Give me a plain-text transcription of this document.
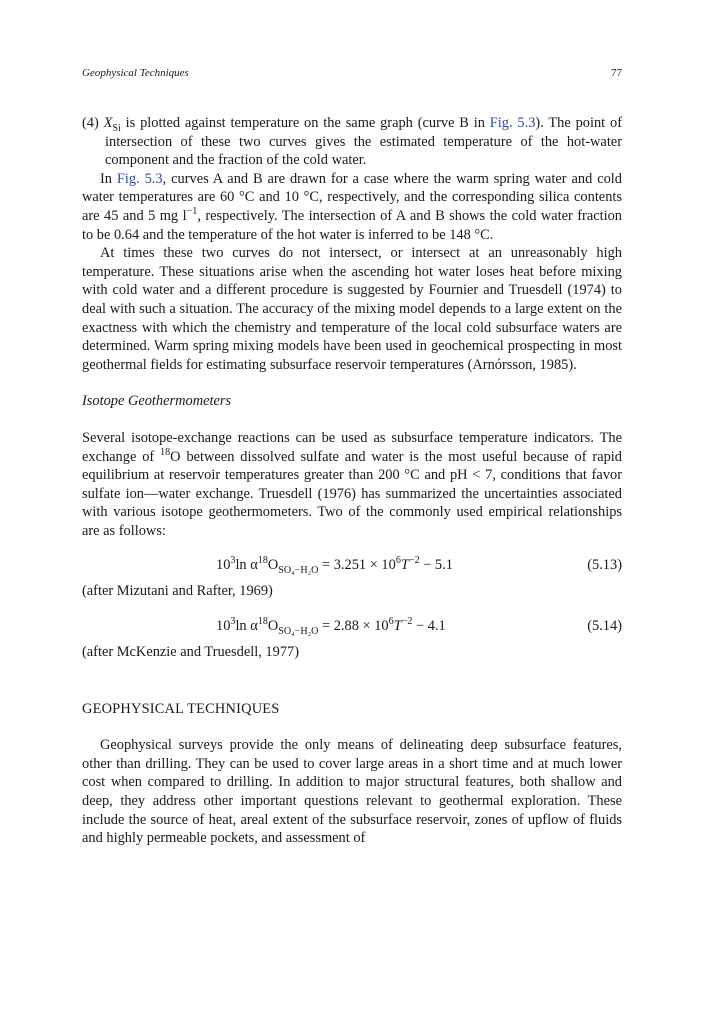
Geophysical Techniques	77

(4) $X_{Si}$ is plotted against temperature on the same graph (curve B in Fig. 5.3). The point of intersection of these two curves gives the estimated temperature of the hot-water component and the fraction of the cold water.

In Fig. 5.3, curves A and B are drawn for a case where the warm spring water and cold water temperatures are 60 °C and 10 °C, respectively, and the corresponding silica contents are 45 and 5 mg $l^{-1}$, respectively. The intersection of A and B shows the cold water fraction to be 0.64 and the temperature of the hot water is inferred to be 148 °C.

At times these two curves do not intersect, or intersect at an unreasonably high temperature. These situations arise when the ascending hot water loses heat before mixing with cold water and a different procedure is suggested by Fournier and Truesdell (1974) to deal with such a situation. The accuracy of the mixing model depends to a large extent on the exactness with which the chemistry and temperature of the local cold subsurface waters are determined. Warm spring mixing models have been used in geochemical prospecting in most geothermal fields for estimating subsurface reservoir temperatures (Arnórsson, 1985).

Isotope Geothermometers

Several isotope-exchange reactions can be used as subsurface temperature indicators. The exchange of $^{18}$O between dissolved sulfate and water is the most useful because of rapid equilibrium at reservoir temperatures greater than 200 °C and pH < 7, conditions that favor sulfate ion—water exchange. Truesdell (1976) has summarized the uncertainties associated with various isotope geothermometers. Two of the commonly used empirical relationships are as follows:

$10^3\ln$ $\alpha^{18}O_{SO_4-H_2O} = 3.251 \times 10^6T^{-2} - 5.1$	(5.13)

(after Mizutani and Rafter, 1969)

$10^3\ln$ $\alpha^{18}O_{SO_4-H_2O} = 2.88 \times 10^6T^{-2} - 4.1$	(5.14)

(after McKenzie and Truesdell, 1977)

GEOPHYSICAL TECHNIQUES

Geophysical surveys provide the only means of delineating deep subsurface features, other than drilling. They can be used to cover large areas in a short time and at much lower cost when compared to drilling. In addition to major structural features, both shallow and deep, they address other important questions relevant to geothermal exploration. These include the source of heat, areal extent of the subsurface reservoir, zones of upflow of fluids and highly permeable pockets, and assessment of
